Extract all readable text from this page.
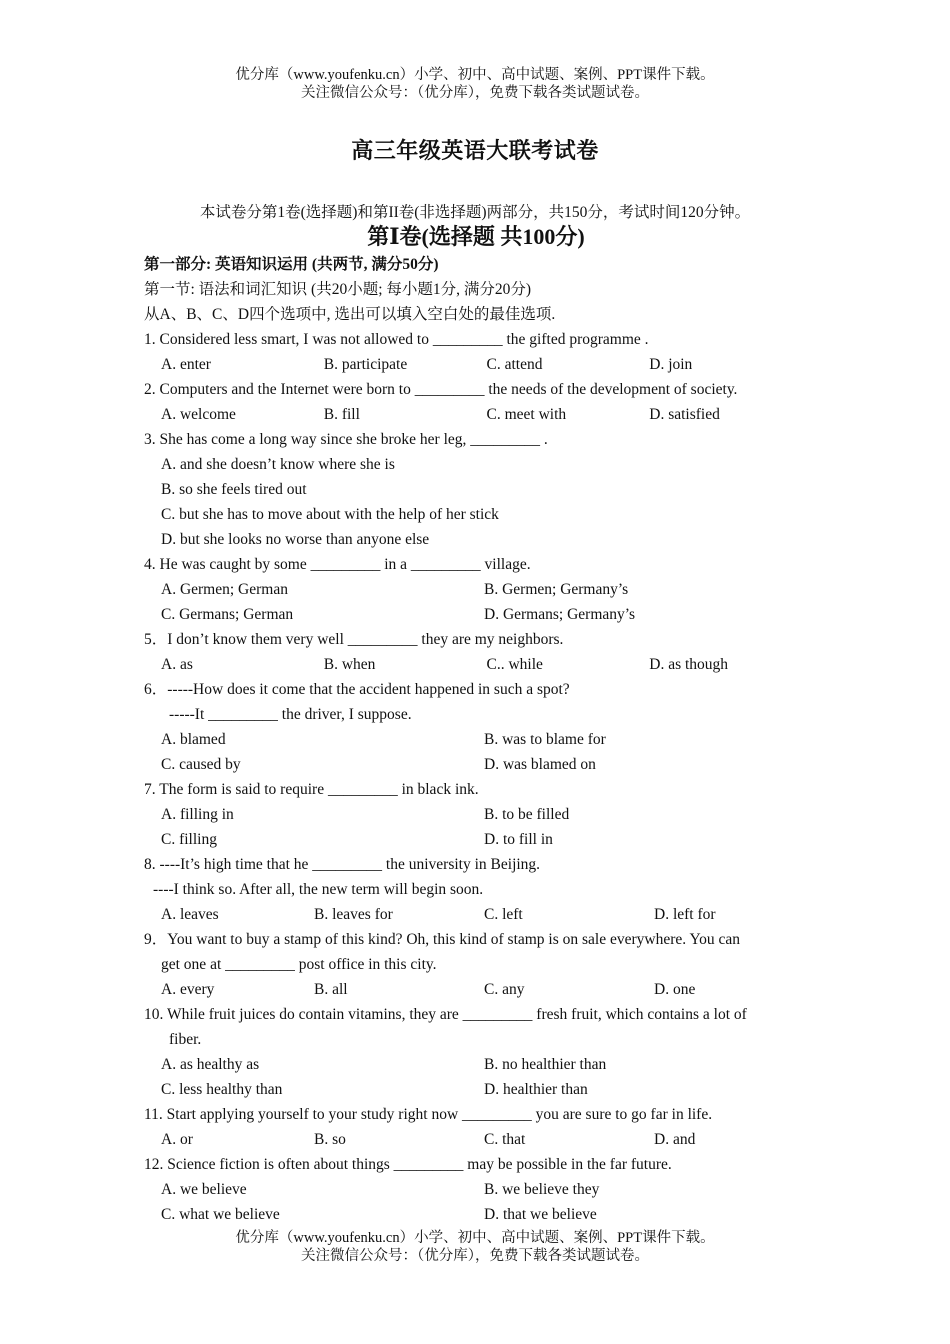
优分库（www.youfenku.cn）小学、初中、高中试题、案例、PPT课件下载。
关注微信公众号：（优分库），免费下载各类试题试卷。
高三年级英语大联考试卷
本试卷分第1卷(选择题)和第II卷(非选择题)两部分，共150分，考试时间120分钟。
第Ⅰ卷(选择题 共100分)
第一部分: 英语知识运用 (共两节, 满分50分)
第一节: 语法和词汇知识 (共20小题; 每小题1分, 满分20分)
从A、B、C、D四个选项中, 选出可以填入空白处的最佳选项.
1. Considered less smart, I was not allowed to _________ the gifted programme .
A. enter	B. participate	C. attend	D. join
2. Computers and the Internet were born to _________ the needs of the development of society.
A. welcome	B. fill	C. meet with	D. satisfied
3. She has come a long way since she broke her leg, _________ .
A. and she doesn’t know where she is
B. so she feels tired out
C. but she has to move about with the help of her stick
D. but she looks no worse than anyone else
4. He was caught by some _________ in a _________ village.
A. Germen; German	B. Germen; Germany’s
C. Germans; German	D. Germans; Germany’s
5．I don’t know them very well _________ they are my neighbors.
A. as	B. when	C.. while	D. as though
6．-----How does it come that the accident happened in such a spot?
-----It _________ the driver, I suppose.
A. blamed	B. was to blame for
C. caused by	D. was blamed on
7. The form is said to require _________ in black ink.
A. filling in	B. to be filled
C. filling	D. to fill in
8. ----It’s high time that he _________ the university in Beijing.
----I think so. After all, the new term will begin soon.
A. leaves	B. leaves for	C. left	D. left for
9．You want to buy a stamp of this kind? Oh, this kind of stamp is on sale everywhere. You can
get one at _________ post office in this city.
A. every	B. all	C. any	D. one
10. While fruit juices do contain vitamins, they are _________ fresh fruit, which contains a lot of
fiber.
A. as healthy as	B. no healthier than
C. less healthy than	D. healthier than
11. Start applying yourself to your study right now _________ you are sure to go far in life.
A. or	B. so	C. that	D. and
12. Science fiction is often about things _________ may be possible in the far future.
A. we believe	B. we believe they
C. what we believe	D. that we believe
优分库（www.youfenku.cn）小学、初中、高中试题、案例、PPT课件下载。
关注微信公众号：（优分库），免费下载各类试题试卷。
